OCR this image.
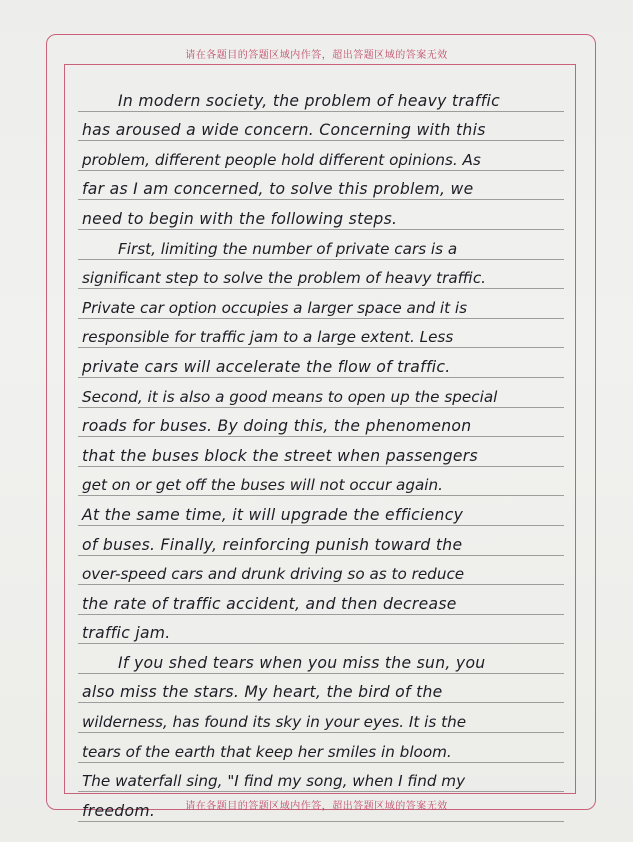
请在各题目的答题区域内作答，超出答题区域的答案无效
In modern society, the problem of heavy traffic
has aroused a wide concern. Concerning with this
problem, different people hold different opinions. As
far as I am concerned, to solve this problem, we
need to begin with the following steps.
First, limiting the number of private cars is a
significant step to solve the problem of heavy traffic.
Private car option occupies a larger space and it is
responsible for traffic jam to a large extent. Less
private cars will accelerate the flow of traffic.
Second, it is also a good means to open up the special
roads for buses. By doing this, the phenomenon
that the buses block the street when passengers
get on or get off the buses will not occur again.
At the same time, it will upgrade the efficiency
of buses. Finally, reinforcing punish toward the
over-speed cars and drunk driving so as to reduce
the rate of traffic accident, and then decrease
traffic jam.
If you shed tears when you miss the sun, you
also miss the stars. My heart, the bird of the
wilderness, has found its sky in your eyes. It is the
tears of the earth that keep her smiles in bloom.
The waterfall sing, "I find my song, when I find my
freedom.	请在各题目的答题区域内作答，超出答题区域的答案无效
